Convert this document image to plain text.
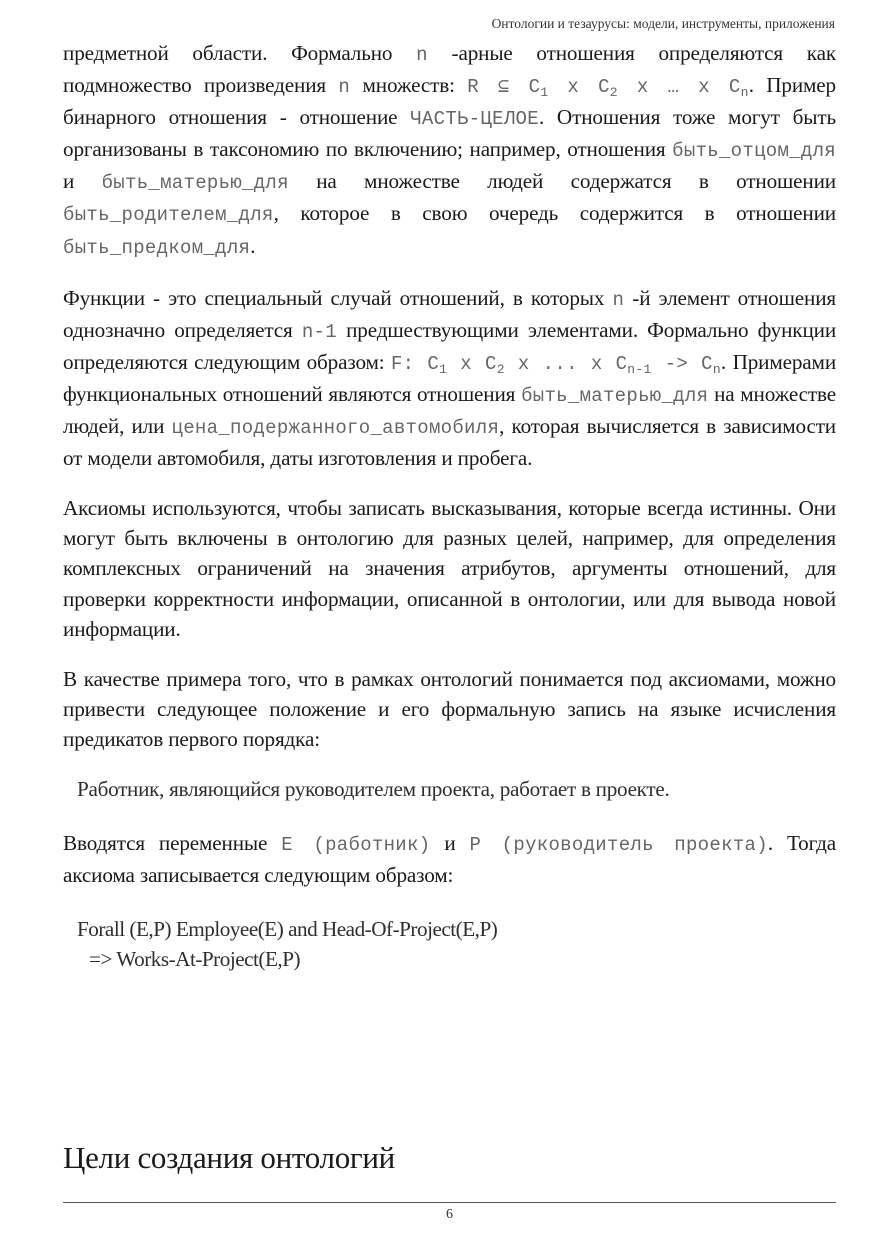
Онтологии и тезаурусы: модели, инструменты, приложения

предметной области. Формально n -арные отношения определяются как подмножество произведения n множеств: R ⊆ $C_1$ x $C_2$ x … x $C_n$. Пример бинарного отношения - отношение ЧАСТЬ-ЦЕЛОЕ. Отношения тоже могут быть организованы в таксономию по включению; например, отношения быть_отцом_для и быть_матерью_для на множестве людей содержатся в отношении быть_родителем_для, которое в свою очередь содержится в отношении быть_предком_для.

Функции - это специальный случай отношений, в которых n -й элемент отношения однозначно определяется n-1 предшествующими элементами. Формально функции определяются следующим образом: F: $C_1$ x $C_2$ x ... x $C_{n-1} -> C_n$. Примерами функциональных отношений являются отношения быть_матерью_для на множестве людей, или цена_подержанного_автомобиля, которая вычисляется в зависимости от модели автомобиля, даты изготовления и пробега.

Аксиомы используются, чтобы записать высказывания, которые всегда истинны. Они могут быть включены в онтологию для разных целей, например, для определения комплексных ограничений на значения атрибутов, аргументы отношений, для проверки корректности информации, описанной в онтологии, или для вывода новой информации.

В качестве примера того, что в рамках онтологий понимается под аксиомами, можно привести следующее положение и его формальную запись на языке исчисления предикатов первого порядка:

Работник, являющийся руководителем проекта, работает в проекте.

Вводятся переменные E (работник) и P (руководитель проекта). Тогда аксиома записывается следующим образом:

Forall (E,P) Employee(E) and Head-Of-Project(E,P)
=> Works-At-Project(E,P)
Цели создания онтологий
6
